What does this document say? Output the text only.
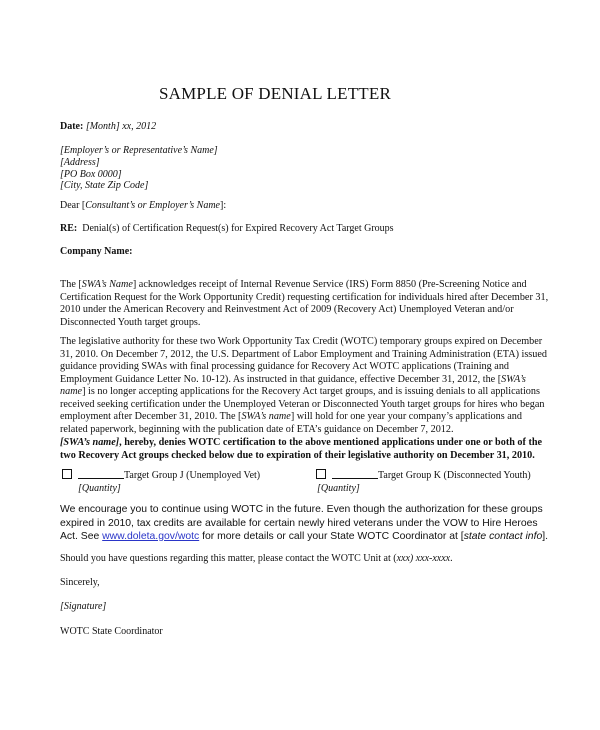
SAMPLE OF DENIAL LETTER
Date: [Month] xx, 2012
[Employer’s or Representative’s Name]
[Address]
[PO Box 0000]
[City, State Zip Code]
Dear [Consultant’s or Employer’s Name]:
RE: Denial(s) of Certification Request(s) for Expired Recovery Act Target Groups
Company Name:
The [SWA’s Name] acknowledges receipt of Internal Revenue Service (IRS) Form 8850 (Pre-Screening Notice and Certification Request for the Work Opportunity Credit) requesting certification for individuals hired after December 31, 2010 under the American Recovery and Reinvestment Act of 2009 (Recovery Act) Unemployed Veteran and/or Disconnected Youth target groups.
The legislative authority for these two Work Opportunity Tax Credit (WOTC) temporary groups expired on December 31, 2010. On December 7, 2012, the U.S. Department of Labor Employment and Training Administration (ETA) issued guidance providing SWAs with final processing guidance for Recovery Act WOTC applications (Training and Employment Guidance Letter No. 10-12). As instructed in that guidance, effective December 31, 2012, the [SWA’s name] is no longer accepting applications for the Recovery Act target groups, and is issuing denials to all applications received seeking certification under the Unemployed Veteran or Disconnected Youth target groups for hires who began employment after December 31, 2010. The [SWA’s name] will hold for one year your company’s applications and related paperwork, beginning with the publication date of ETA’s guidance on December 7, 2012.
[SWA’s name], hereby, denies WOTC certification to the above mentioned applications under one or both of the two Recovery Act groups checked below due to expiration of their legislative authority on December 31, 2010.
Target Group J (Unemployed Vet)	Target Group K (Disconnected Youth)
[Quantity]	[Quantity]
We encourage you to continue using WOTC in the future. Even though the authorization for these groups expired in 2010, tax credits are available for certain newly hired veterans under the VOW to Hire Heroes Act. See www.doleta.gov/wotc for more details or call your State WOTC Coordinator at [state contact info].
Should you have questions regarding this matter, please contact the WOTC Unit at (xxx) xxx-xxxx.
Sincerely,
[Signature]
WOTC State Coordinator
